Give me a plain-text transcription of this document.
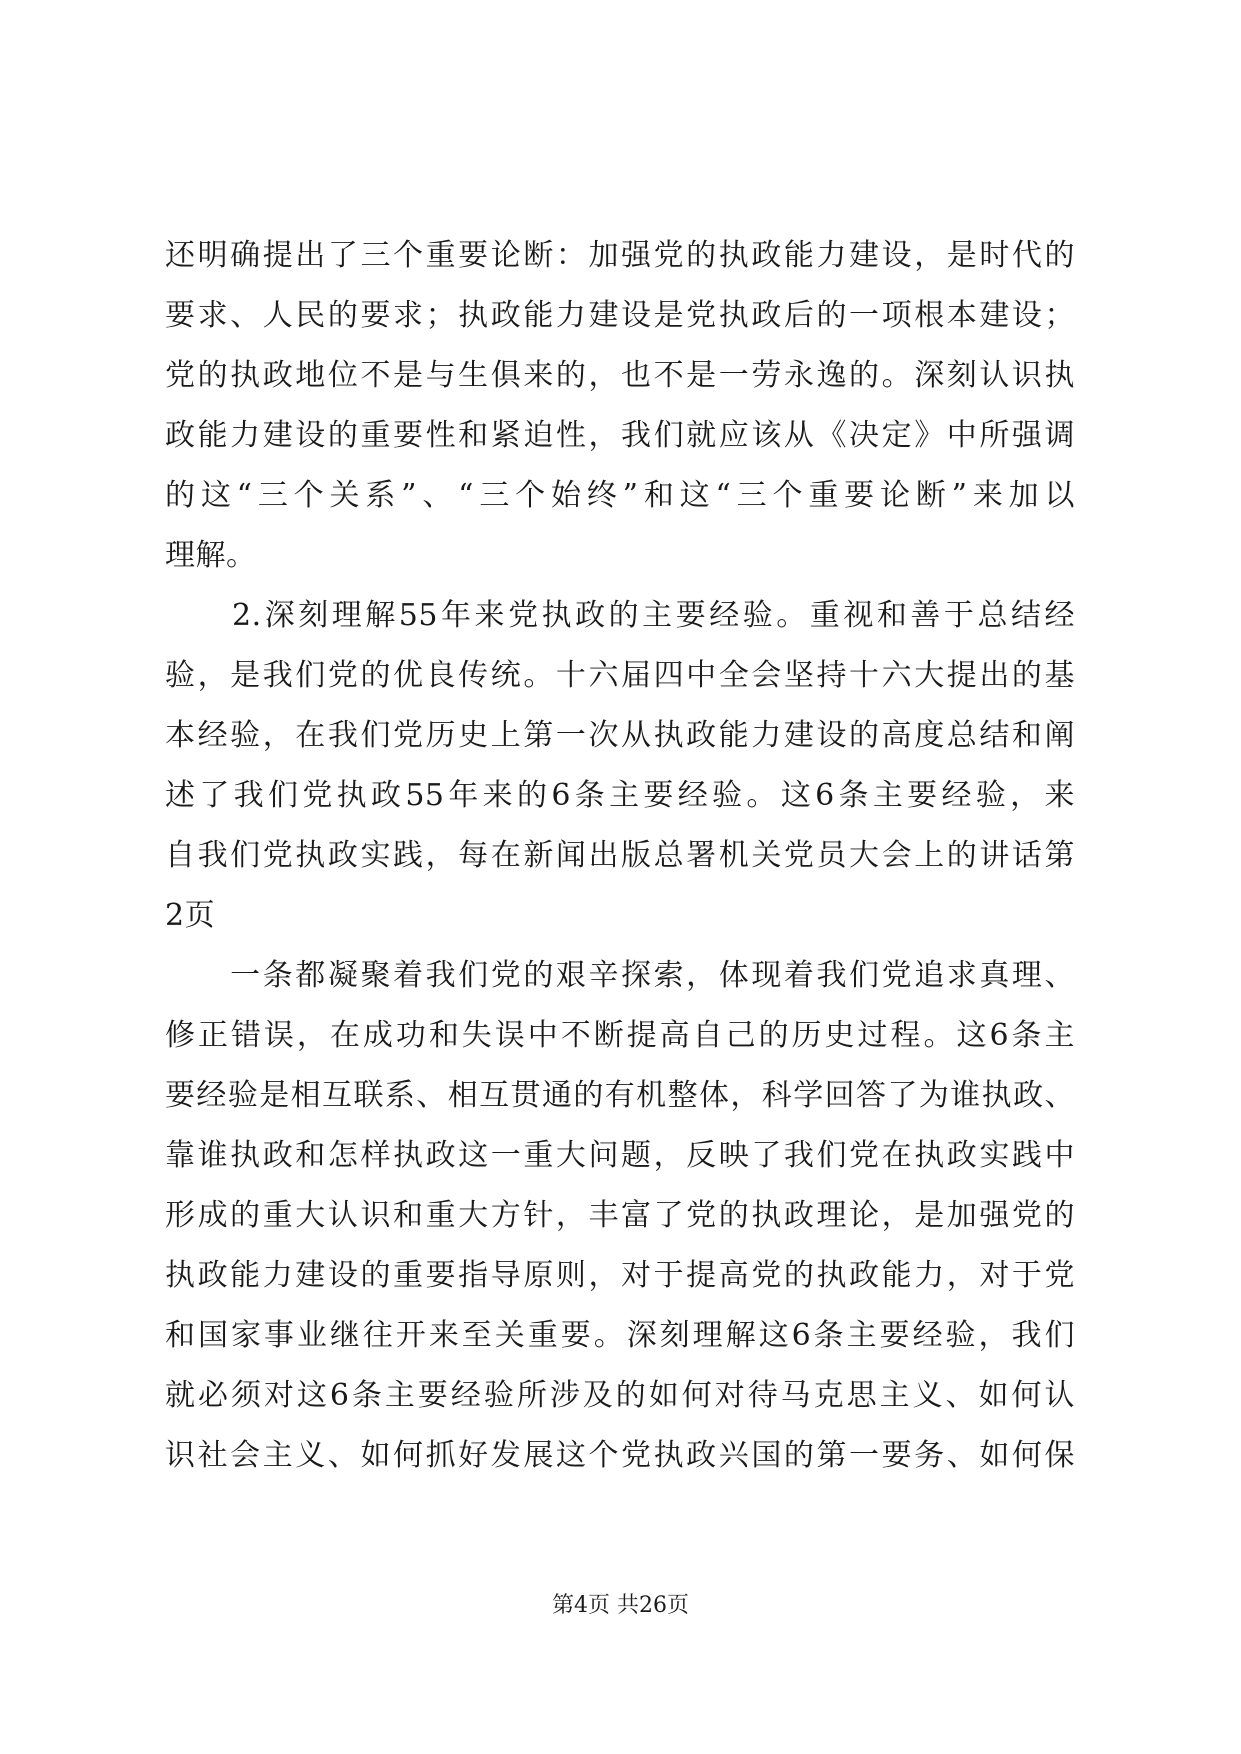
还明确提出了三个重要论断：加强党的执政能力建设，是时代的
要求、人民的要求；执政能力建设是党执政后的一项根本建设；
党的执政地位不是与生俱来的，也不是一劳永逸的。深刻认识执
政能力建设的重要性和紧迫性，我们就应该从《决定》中所强调
的这“三个关系”、“三个始终”和这“三个重要论断”来加以
理解。
　　2.深刻理解55年来党执政的主要经验。重视和善于总结经
验，是我们党的优良传统。十六届四中全会坚持十六大提出的基
本经验，在我们党历史上第一次从执政能力建设的高度总结和阐
述了我们党执政55年来的6条主要经验。这6条主要经验，来
自我们党执政实践，每在新闻出版总署机关党员大会上的讲话第
2页
　　一条都凝聚着我们党的艰辛探索，体现着我们党追求真理、
修正错误，在成功和失误中不断提高自己的历史过程。这6条主
要经验是相互联系、相互贯通的有机整体，科学回答了为谁执政、
靠谁执政和怎样执政这一重大问题，反映了我们党在执政实践中
形成的重大认识和重大方针，丰富了党的执政理论，是加强党的
执政能力建设的重要指导原则，对于提高党的执政能力，对于党
和国家事业继往开来至关重要。深刻理解这6条主要经验，我们
就必须对这6条主要经验所涉及的如何对待马克思主义、如何认
识社会主义、如何抓好发展这个党执政兴国的第一要务、如何保
第4页 共26页
